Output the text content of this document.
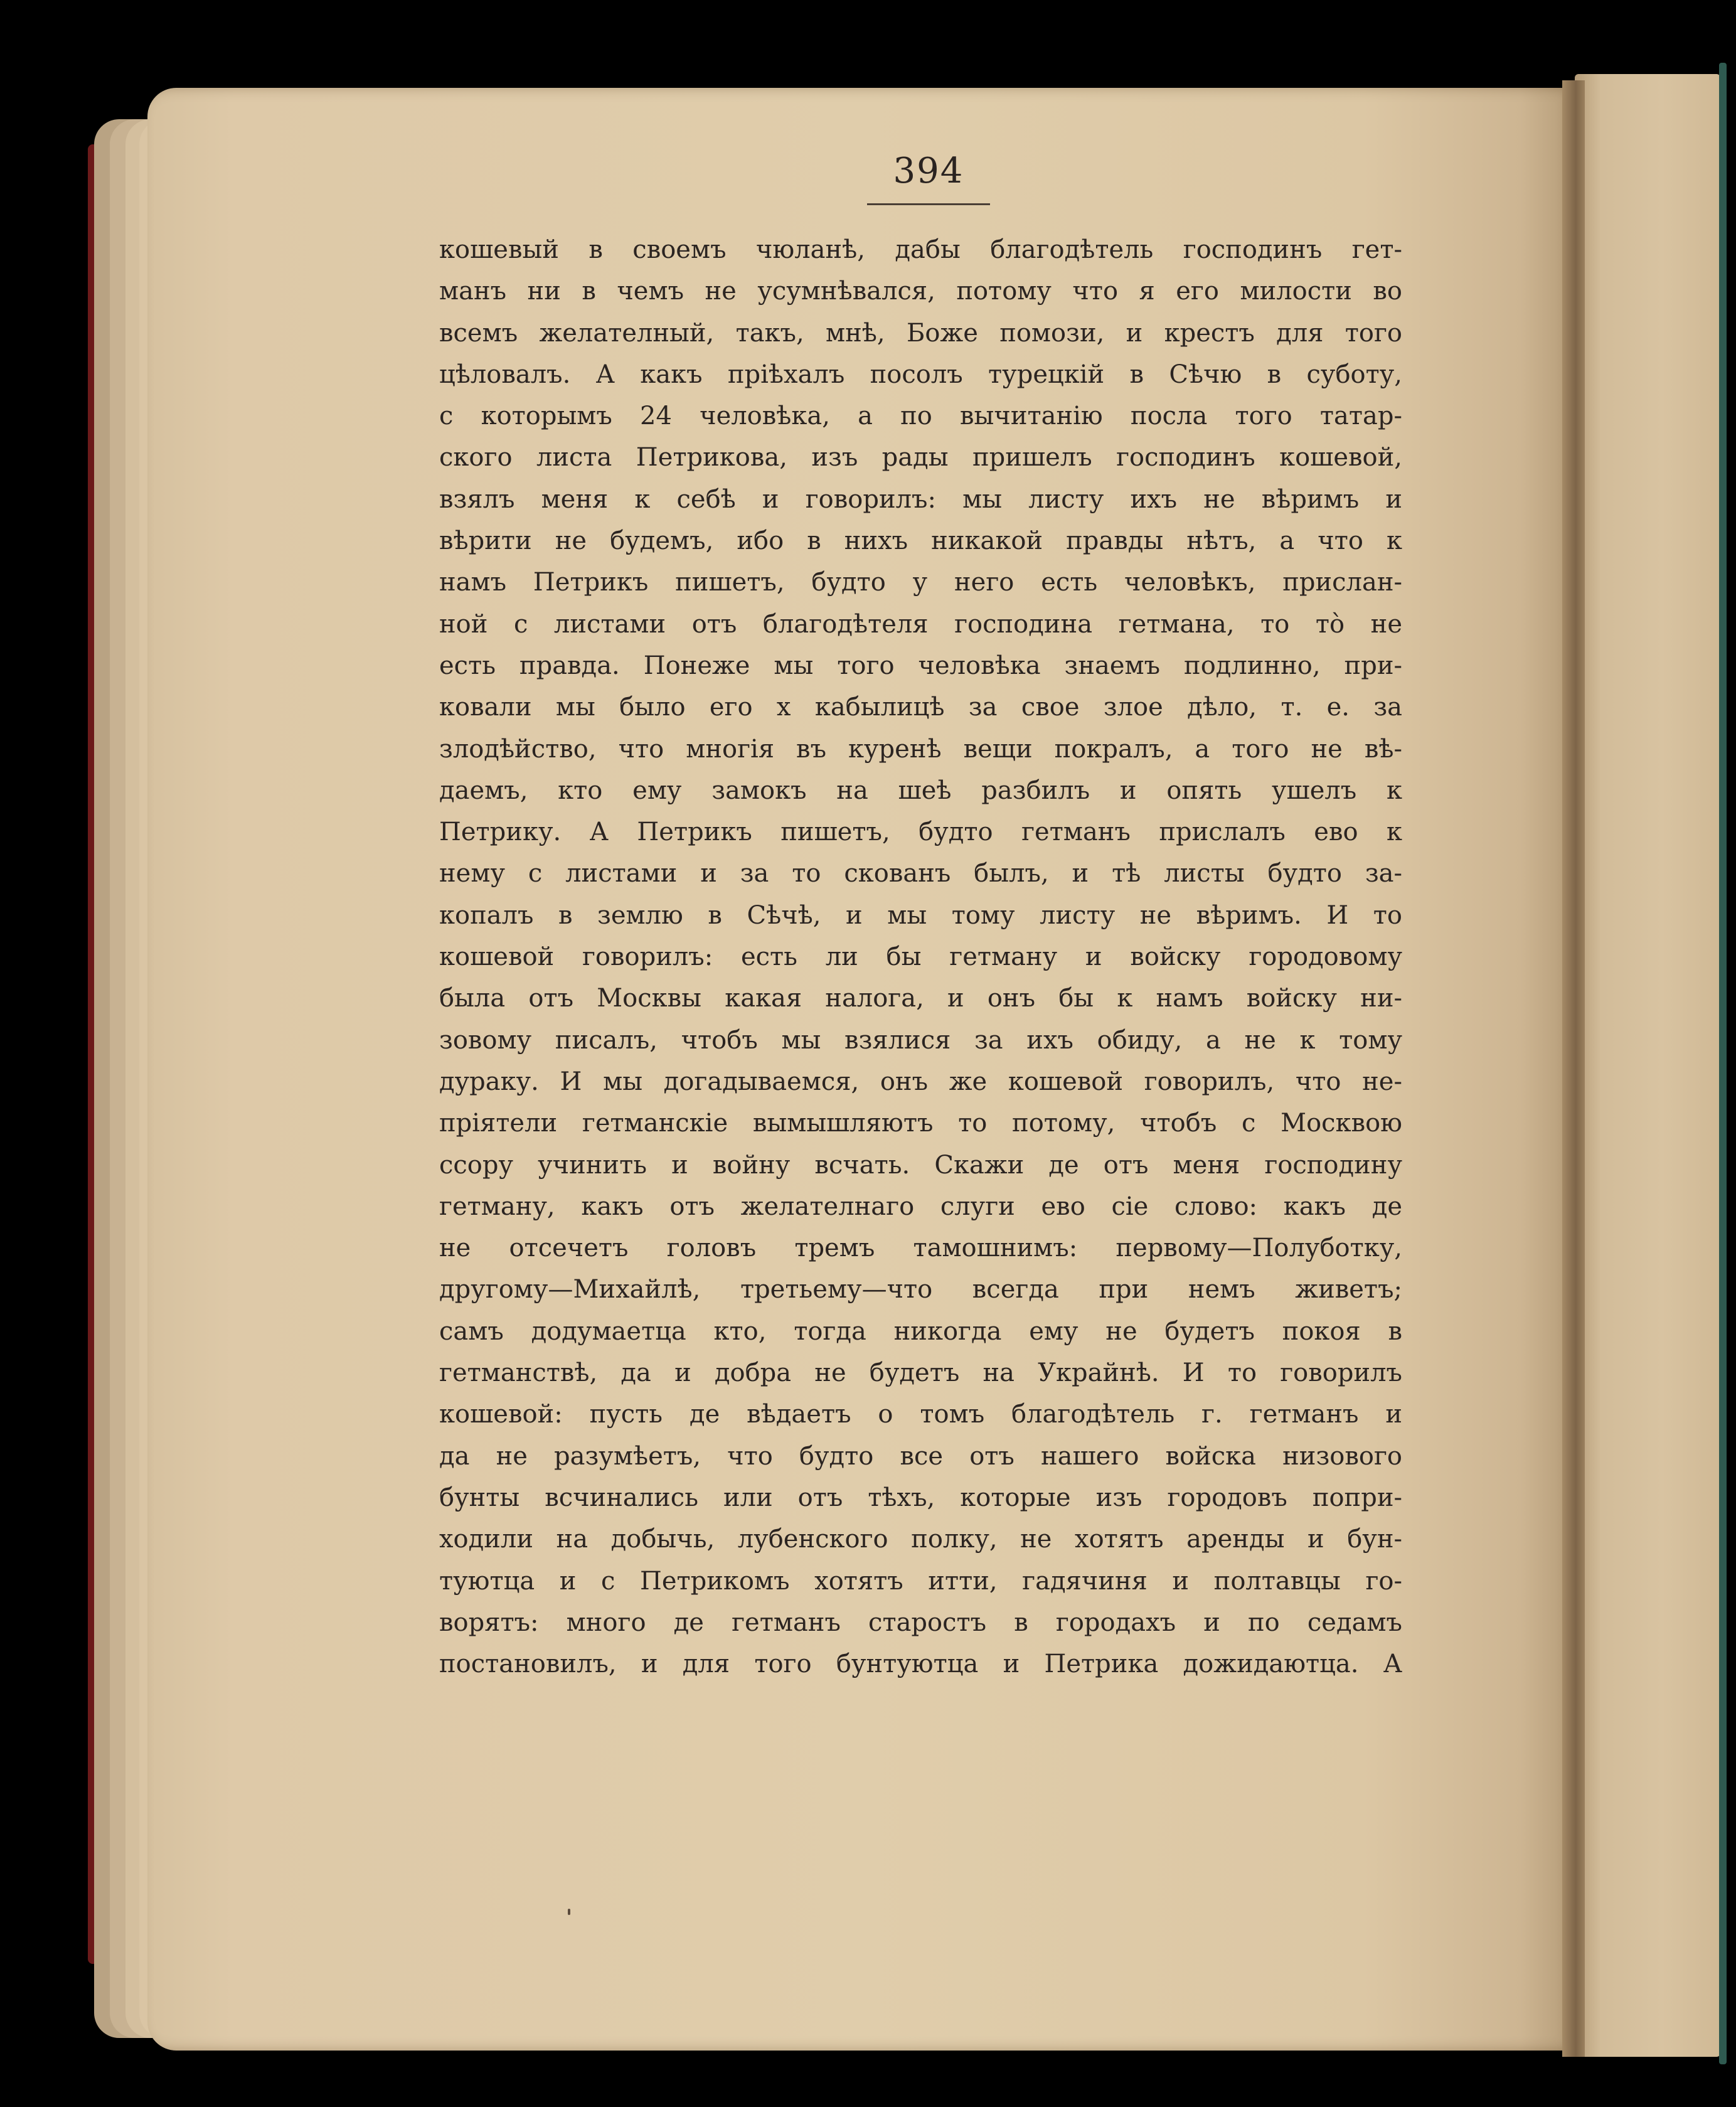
394
кошевый в своемъ чюланѣ, дабы благодѣтель господинъ гет-
манъ ни в чемъ не усумнѣвался, потому что я его милости во
всемъ желателный, такъ, мнѣ, Боже помози, и крестъ для того
цѣловалъ. А какъ прiѣхалъ посолъ турецкiй в Сѣчю в суботу,
с которымъ 24 человѣка, а по вычитанiю посла того татар-
ского листа Петрикова, изъ рады пришелъ господинъ кошевой,
взялъ меня к себѣ и говорилъ: мы листу ихъ не вѣримъ и
вѣрити не будемъ, ибо в нихъ никакой правды нѣтъ, а что к
намъ Петрикъ пишетъ, будто у него есть человѣкъ, прислан-
ной с листами отъ благодѣтеля господина гетмана, то тò не
есть правда. Понеже мы того человѣка знаемъ подлинно, при-
ковали мы было его х кабылицѣ за свое злое дѣло, т. е. за
злодѣйство, что многiя въ куренѣ вещи покралъ, а того не вѣ-
даемъ, кто ему замокъ на шеѣ разбилъ и опять ушелъ к
Петрику. А Петрикъ пишетъ, будто гетманъ прислалъ ево к
нему с листами и за то скованъ былъ, и тѣ листы будто за-
копалъ в землю в Сѣчѣ, и мы тому листу не вѣримъ. И то
кошевой говорилъ: есть ли бы гетману и войску городовому
была отъ Москвы какая налога, и онъ бы к намъ войску ни-
зовому писалъ, чтобъ мы взялися за ихъ обиду, а не к тому
дураку. И мы догадываемся, онъ же кошевой говорилъ, что не-
прiятели гетманскiе вымышляютъ то потому, чтобъ с Москвою
ссору учинить и войну всчать. Скажи де отъ меня господину
гетману, какъ отъ желателнаго слуги ево сiе слово: какъ де
не отсечетъ головъ тремъ тамошнимъ: первому—Полуботку,
другому—Михайлѣ, третьему—что всегда при немъ живетъ;
самъ додумаетца кто, тогда никогда ему не будетъ покоя в
гетманствѣ, да и добра не будетъ на Украйнѣ. И то говорилъ
кошевой: пусть де вѣдаетъ о томъ благодѣтель г. гетманъ и
да не разумѣетъ, что будто все отъ нашего войска низового
бунты всчинались или отъ тѣхъ, которые изъ городовъ попри-
ходили на добычь, лубенского полку, не хотятъ аренды и бун-
туютца и с Петрикомъ хотятъ итти, гадячиня и полтавцы го-
ворятъ: много де гетманъ старостъ в городахъ и по седамъ
постановилъ, и для того бунтуютца и Петрика дожидаютца. А
